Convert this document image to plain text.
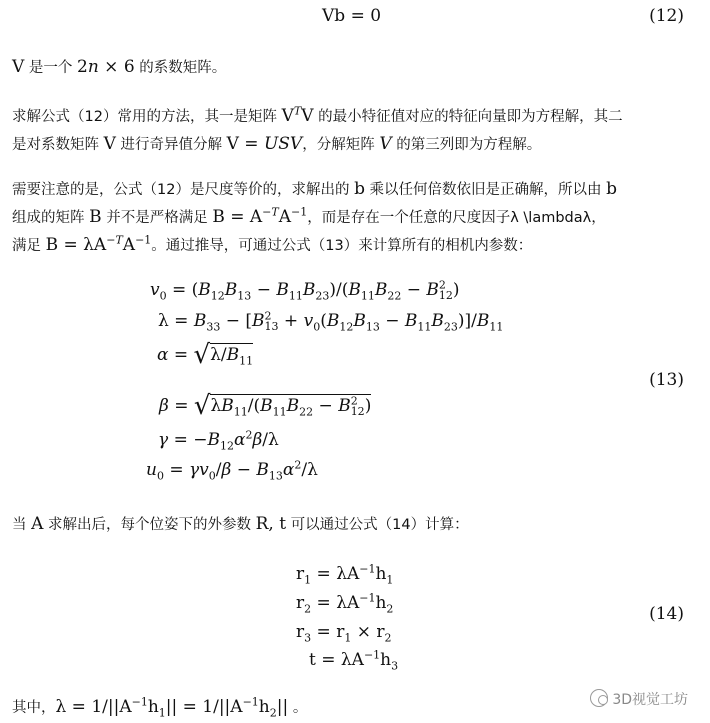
Vb = 0	(12)
V 是一个 2n × 6 的系数矩阵。
求解公式（12）常用的方法，其一是矩阵 $V^TV$ 的最小特征值对应的特征向量即为方程解，其二
是对系数矩阵 V 进行奇异值分解 V = USV，分解矩阵 V 的第三列即为方程解。
需要注意的是，公式（12）是尺度等价的，求解出的 b 乘以任何倍数依旧是正确解，所以由 b
组成的矩阵 B 并不是严格满足 $B = A^{-T}A^{-1}$，而是存在一个任意的尺度因子λ \lambdaλ，
满足 $B = \lambda A^{-T}A^{-1}$。通过推导，可通过公式（13）来计算所有的相机内参数：
$v_0 = (B_{12}B_{13} - B_{11}B_{23})/(B_{11}B_{22} - B^2_{12})$
$\lambda = B_{33} - [B^2_{13} + v_0(B_{12}B_{13} - B_{11}B_{23})]/B_{11}$
$\alpha = √\lambda/B_{11}$
$\beta = √\lambda B_{11}/(B_{11}B_{22} - B^2_{12})$
$\gamma = -B_{12}\alpha^2\beta/\lambda$
$u_0 = \gamma v_0/\beta - B_{13}\alpha^2/\lambda$
(13)
当 A 求解出后，每个位姿下的外参数 R, t 可以通过公式（14）计算：
$r_1 = \lambda A^{-1}h_1$
$r_2 = \lambda A^{-1}h_2$
$r_3 = r_1 \times r_2$
$t = \lambda A^{-1}h_3$
(14)
其中，$\lambda = 1/||A^{-1}h_1|| = 1/||A^{-1}h_2||$ 。	3D视觉工坊
